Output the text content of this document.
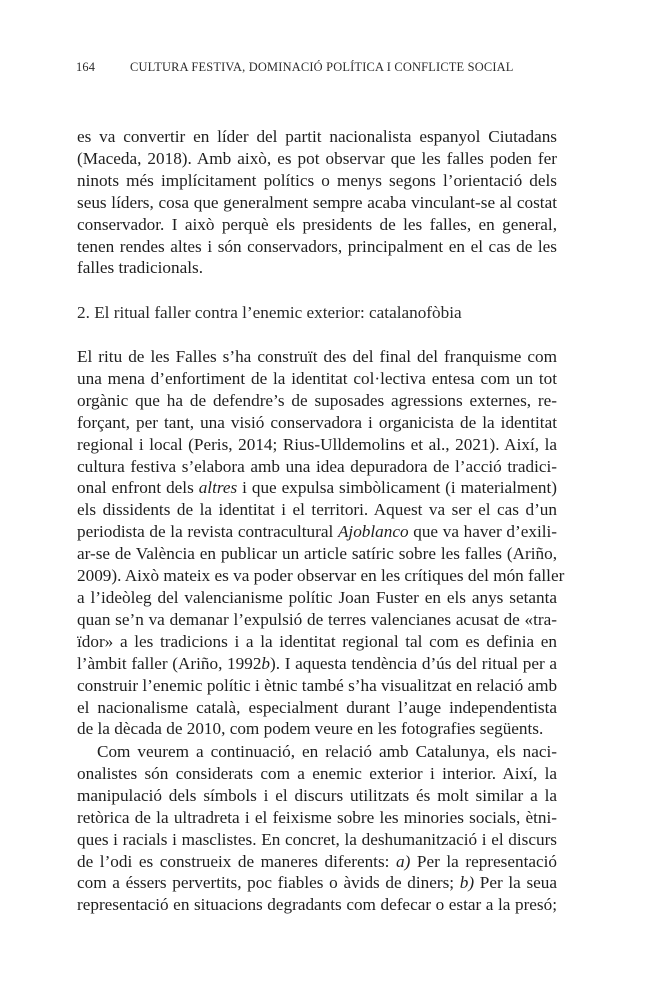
164	CULTURA FESTIVA, DOMINACIÓ POLÍTICA I CONFLICTE SOCIAL
es va convertir en líder del partit nacionalista espanyol Ciutadans
(Maceda, 2018). Amb això, es pot observar que les falles poden fer
ninots més implícitament polítics o menys segons l’orientació dels
seus líders, cosa que generalment sempre acaba vinculant-se al costat
conservador. I això perquè els presidents de les falles, en general,
tenen rendes altes i són conservadors, principalment en el cas de les
falles tradicionals.
2. El ritual faller contra l’enemic exterior: catalanofòbia
El ritu de les Falles s’ha construït des del final del franquisme com
una mena d’enfortiment de la identitat col·lectiva entesa com un tot
orgànic que ha de defendre’s de suposades agressions externes, re-
forçant, per tant, una visió conservadora i organicista de la identitat
regional i local (Peris, 2014; Rius-Ulldemolins et al., 2021). Així, la
cultura festiva s’elabora amb una idea depuradora de l’acció tradici-
onal enfront dels altres i que expulsa simbòlicament (i materialment)
els dissidents de la identitat i el territori. Aquest va ser el cas d’un
periodista de la revista contracultural Ajoblanco que va haver d’exili-
ar-se de València en publicar un article satíric sobre les falles (Ariño,
2009). Això mateix es va poder observar en les crítiques del món faller
a l’ideòleg del valencianisme polític Joan Fuster en els anys setanta
quan se’n va demanar l’expulsió de terres valencianes acusat de «tra-
ïdor» a les tradicions i a la identitat regional tal com es definia en
l’àmbit faller (Ariño, 1992b). I aquesta tendència d’ús del ritual per a
construir l’enemic polític i ètnic també s’ha visualitzat en relació amb
el nacionalisme català, especialment durant l’auge independentista
de la dècada de 2010, com podem veure en les fotografies següents.
Com veurem a continuació, en relació amb Catalunya, els naci-
onalistes són considerats com a enemic exterior i interior. Així, la
manipulació dels símbols i el discurs utilitzats és molt similar a la
retòrica de la ultradreta i el feixisme sobre les minories socials, ètni-
ques i racials i masclistes. En concret, la deshumanització i el discurs
de l’odi es construeix de maneres diferents: a) Per la representació
com a éssers pervertits, poc fiables o àvids de diners; b) Per la seua
representació en situacions degradants com defecar o estar a la presó;
